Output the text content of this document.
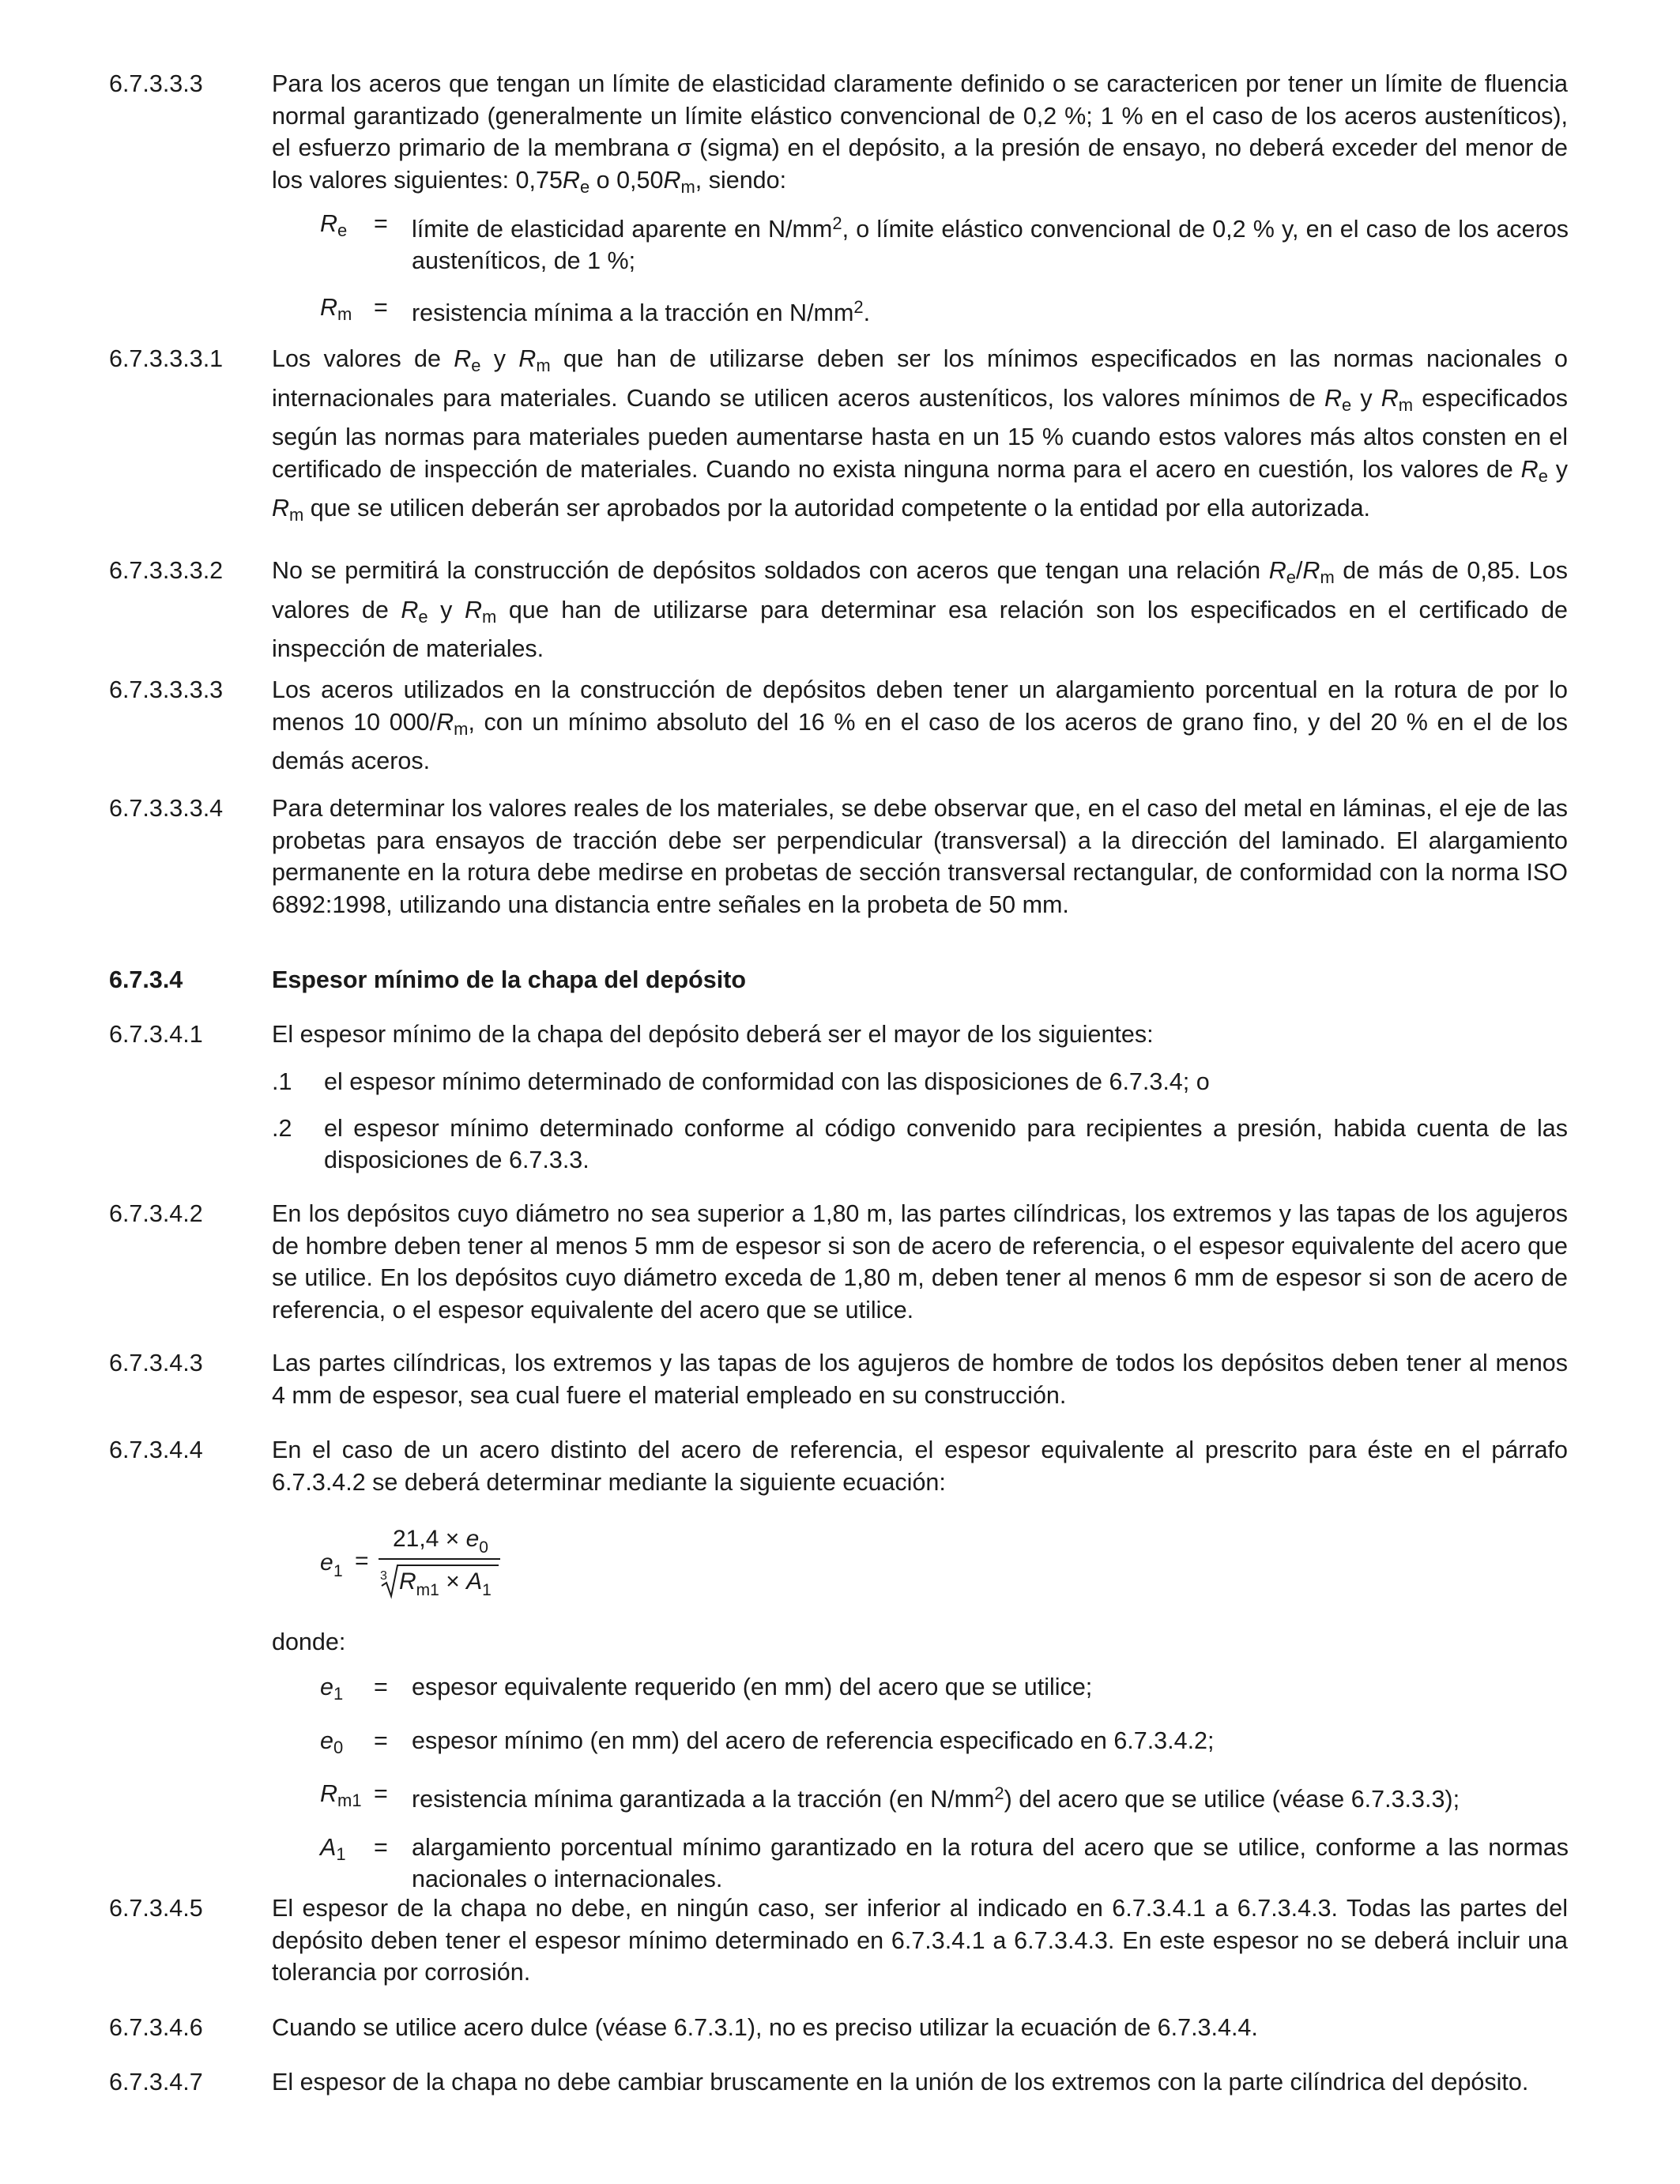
6.7.3.3.3	Para los aceros que tengan un límite de elasticidad claramente definido o se caractericen por tener un límite de fluencia normal garantizado (generalmente un límite elástico convencional de 0,2 %; 1 % en el caso de los aceros austeníticos), el esfuerzo primario de la membrana σ (sigma) en el depósito, a la presión de ensayo, no deberá exceder del menor de los valores siguientes: $0,75R_e$ o $0,50R_m$, siendo:
$R_e$	= límite de elasticidad aparente en $N/mm^2$, o límite elástico convencional de 0,2 % y, en el caso de los aceros austeníticos, de 1 %;
$R_m$ = resistencia mínima a la tracción en $N/mm^2$.
6.7.3.3.3.1	Los valores de $R_e$ y $R_m$ que han de utilizarse deben ser los mínimos especificados en las normas nacionales o internacionales para materiales. Cuando se utilicen aceros austeníticos, los valores mínimos de $R_e$ y $R_m$ especificados según las normas para materiales pueden aumentarse hasta en un 15 % cuando estos valores más altos consten en el certificado de inspección de materiales. Cuando no exista ninguna norma para el acero en cuestión, los valores de $R_e$ y $R_m$ que se utilicen deberán ser aprobados por la autoridad competente o la entidad por ella autorizada.
6.7.3.3.3.2	No se permitirá la construcción de depósitos soldados con aceros que tengan una relación $R_e/R_m$ de más de 0,85. Los valores de $R_e$ y $R_m$ que han de utilizarse para determinar esa relación son los especificados en el certificado de inspección de materiales.
6.7.3.3.3.3	Los aceros utilizados en la construcción de depósitos deben tener un alargamiento porcentual en la rotura de por lo menos 10 $000/R_m$, con un mínimo absoluto del 16 % en el caso de los aceros de grano fino, y del 20 % en el de los demás aceros.
6.7.3.3.3.4	Para determinar los valores reales de los materiales, se debe observar que, en el caso del metal en láminas, el eje de las probetas para ensayos de tracción debe ser perpendicular (transversal) a la dirección del laminado. El alargamiento permanente en la rotura debe medirse en probetas de sección transversal rectangular, de conformidad con la norma ISO 6892:1998, utilizando una distancia entre señales en la probeta de 50 mm.
6.7.3.4	Espesor mínimo de la chapa del depósito
6.7.3.4.1	El espesor mínimo de la chapa del depósito deberá ser el mayor de los siguientes:
.1	el espesor mínimo determinado de conformidad con las disposiciones de 6.7.3.4; o
.2	el espesor mínimo determinado conforme al código convenido para recipientes a presión, habida cuenta de las disposiciones de 6.7.3.3.
6.7.3.4.2	En los depósitos cuyo diámetro no sea superior a 1,80 m, las partes cilíndricas, los extremos y las tapas de los agujeros de hombre deben tener al menos 5 mm de espesor si son de acero de referencia, o el espesor equivalente del acero que se utilice. En los depósitos cuyo diámetro exceda de 1,80 m, deben tener al menos 6 mm de espesor si son de acero de referencia, o el espesor equivalente del acero que se utilice.
6.7.3.4.3	Las partes cilíndricas, los extremos y las tapas de los agujeros de hombre de todos los depósitos deben tener al menos 4 mm de espesor, sea cual fuere el material empleado en su construcción.
6.7.3.4.4	En el caso de un acero distinto del acero de referencia, el espesor equivalente al prescrito para éste en el párrafo 6.7.3.4.2 se deberá determinar mediante la siguiente ecuación:
e 1 =
$21,4 \times e_0$
3 $R_{m1} \times A_1$
donde:
$e_1$	= espesor equivalente requerido (en mm) del acero que se utilice;
$e_0$	= espesor mínimo (en mm) del acero de referencia especificado en 6.7.3.4.2;
$R_{m1}$ = resistencia mínima garantizada a la tracción (en $N/mm^2$) del acero que se utilice (véase 6.7.3.3.3);
$A_1$	= alargamiento porcentual mínimo garantizado en la rotura del acero que se utilice, conforme a las normas nacionales o internacionales.
6.7.3.4.5	El espesor de la chapa no debe, en ningún caso, ser inferior al indicado en 6.7.3.4.1 a 6.7.3.4.3. Todas las partes del depósito deben tener el espesor mínimo determinado en 6.7.3.4.1 a 6.7.3.4.3. En este espesor no se deberá incluir una tolerancia por corrosión.
6.7.3.4.6	Cuando se utilice acero dulce (véase 6.7.3.1), no es preciso utilizar la ecuación de 6.7.3.4.4.
6.7.3.4.7	El espesor de la chapa no debe cambiar bruscamente en la unión de los extremos con la parte cilíndrica del depósito.
